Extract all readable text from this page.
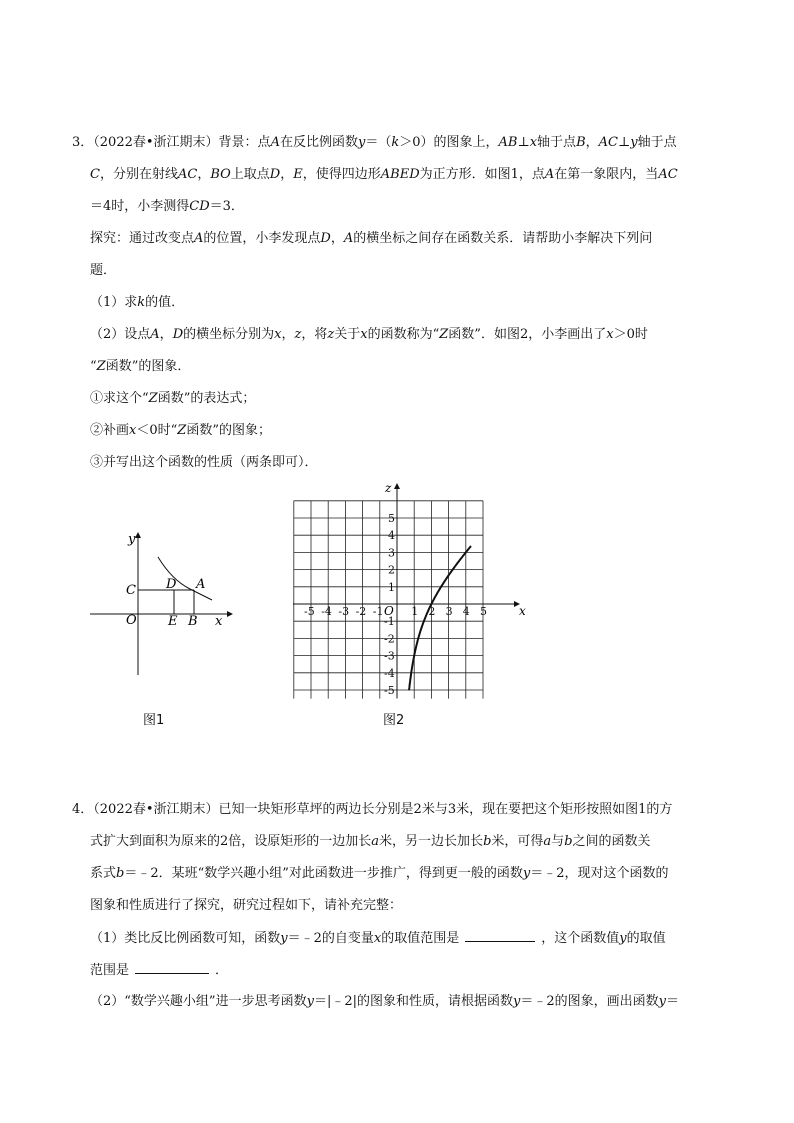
3．（2022春•浙江期末）背景：点A在反比例函数y＝（k＞0）的图象上，AB⊥x轴于点B，AC⊥y轴于点
C，分别在射线AC，BO上取点D，E，使得四边形ABED为正方形．如图1，点A在第一象限内，当AC
＝4时，小李测得CD＝3．
探究：通过改变点A的位置，小李发现点D，A的横坐标之间存在函数关系．请帮助小李解决下列问
题．
（1）求k的值．
（2）设点A，D的横坐标分别为x，z，将z关于x的函数称为“Z函数”．如图2，小李画出了x＞0时
“Z函数”的图象．
①求这个“Z函数”的表达式；
②补画x＜0时“Z函数”的图象；
③并写出这个函数的性质（两条即可）．
y
x
O
C D A
E B
图1
-5 -4 -3 -2 -1	1 2 3 4 5
5
4
3
2
1
-1
-2
-3
-4
-5
z
x
O
图2
4．（2022春•浙江期末）已知一块矩形草坪的两边长分别是2米与3米，现在要把这个矩形按照如图1的方
式扩大到面积为原来的2倍，设原矩形的一边加长a米，另一边长加长b米，可得a与b之间的函数关
系式b＝﹣2．某班“数学兴趣小组”对此函数进一步推广，得到更一般的函数y＝﹣2，现对这个函数的
图象和性质进行了探究，研究过程如下，请补充完整：
（1）类比反比例函数可知，函数y＝﹣2的自变量x的取值范围是	，这个函数值y的取值
范围是	．
（2）“数学兴趣小组”进一步思考函数y＝|﹣2|的图象和性质，请根据函数y＝﹣2的图象，画出函数y＝
